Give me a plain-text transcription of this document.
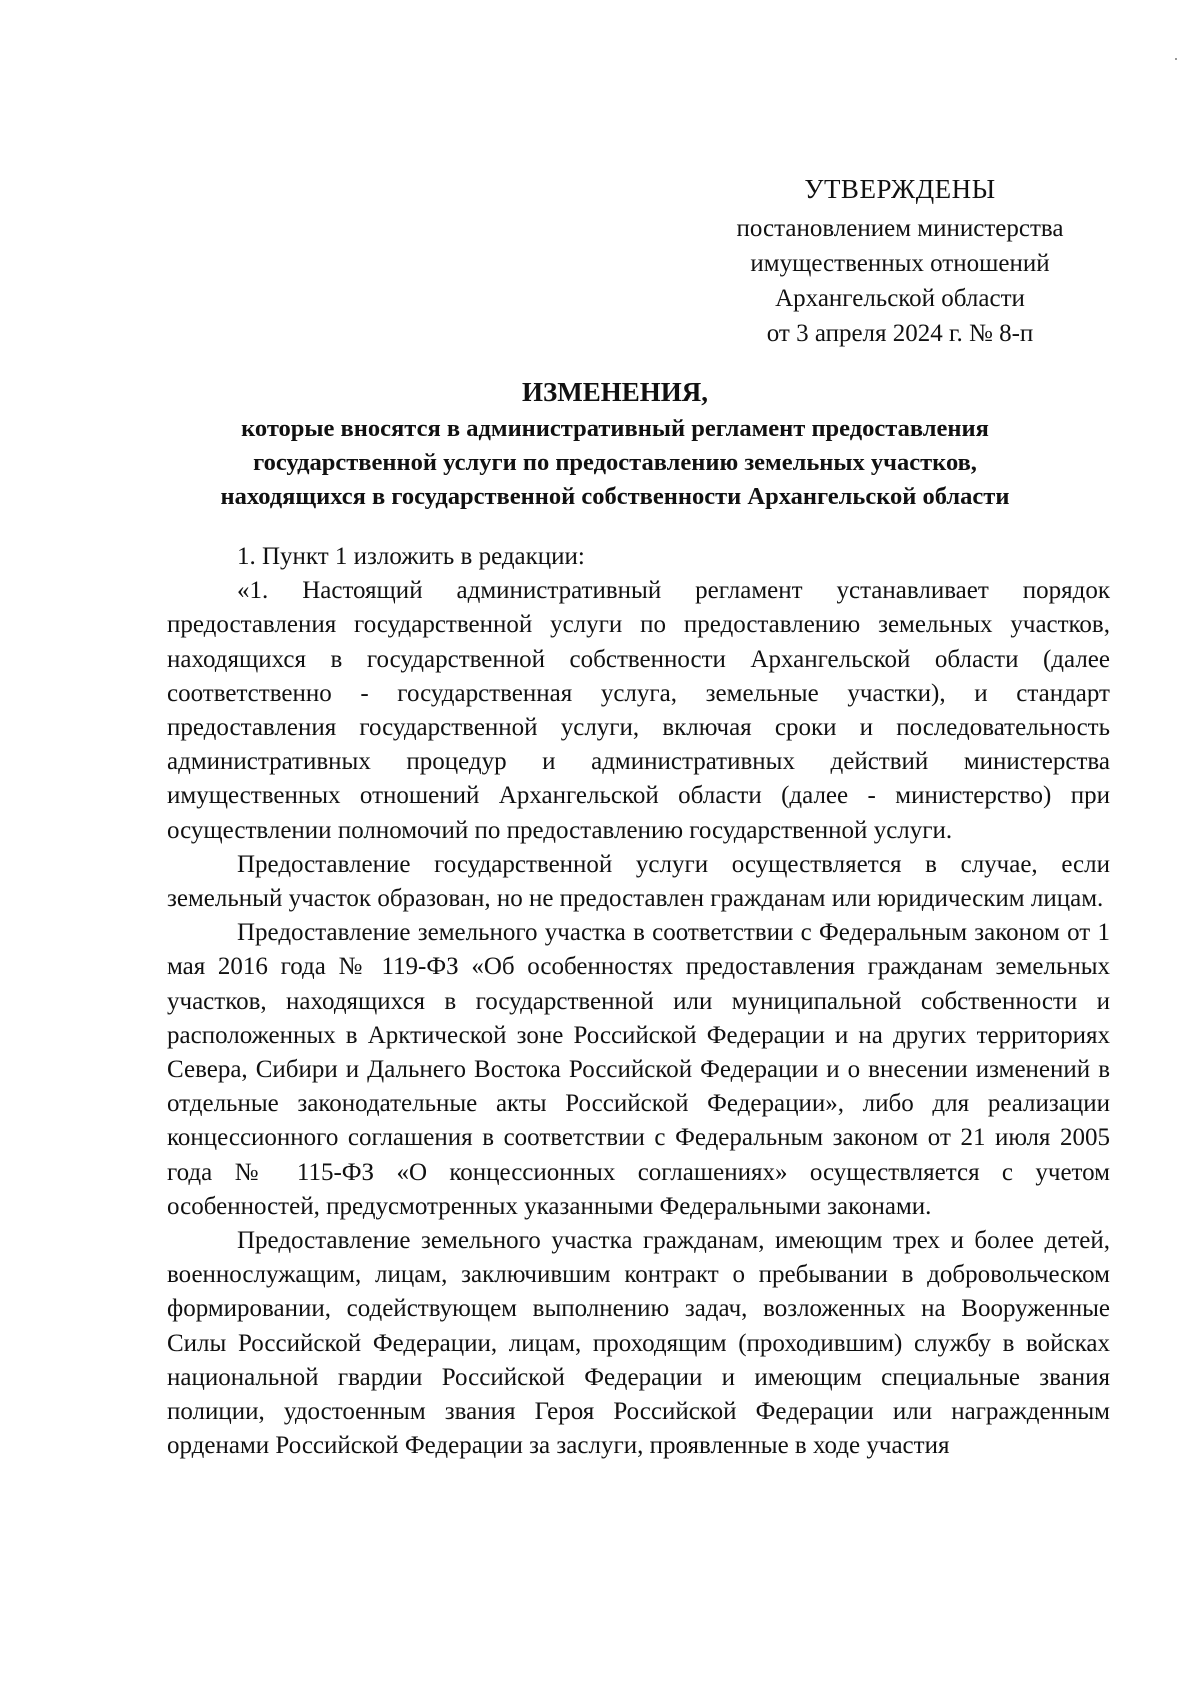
УТВЕРЖДЕНЫ
постановлением министерства
имущественных отношений
Архангельской области
от 3 апреля 2024 г. № 8-п
ИЗМЕНЕНИЯ,
которые вносятся в административный регламент предоставления
государственной услуги по предоставлению земельных участков,
находящихся в государственной собственности Архангельской области

1. Пункт 1 изложить в редакции:

«1. Настоящий административный регламент устанавливает порядок предоставления государственной услуги по предоставлению земельных участков, находящихся в государственной собственности Архангельской области (далее соответственно - государственная услуга, земельные участки), и стандарт предоставления государственной услуги, включая сроки и последовательность административных процедур и административных действий министерства имущественных отношений Архангельской области (далее - министерство) при осуществлении полномочий по предоставлению государственной услуги.

Предоставление государственной услуги осуществляется в случае, если земельный участок образован, но не предоставлен гражданам или юридическим лицам.

Предоставление земельного участка в соответствии с Федеральным законом от 1 мая 2016 года № 119-ФЗ «Об особенностях предоставления гражданам земельных участков, находящихся в государственной или муниципальной собственности и расположенных в Арктической зоне Российской Федерации и на других территориях Севера, Сибири и Дальнего Востока Российской Федерации и о внесении изменений в отдельные законодательные акты Российской Федерации», либо для реализации концессионного соглашения в соответствии с Федеральным законом от 21 июля 2005 года № 115-ФЗ «О концессионных соглашениях» осуществляется с учетом особенностей, предусмотренных указанными Федеральными законами.

Предоставление земельного участка гражданам, имеющим трех и более детей, военнослужащим, лицам, заключившим контракт о пребывании в добровольческом формировании, содействующем выполнению задач, возложенных на Вооруженные Силы Российской Федерации, лицам, проходящим (проходившим) службу в войсках национальной гвардии Российской Федерации и имеющим специальные звания полиции, удостоенным звания Героя Российской Федерации или награжденным орденами Российской Федерации за заслуги, проявленные в ходе участия
